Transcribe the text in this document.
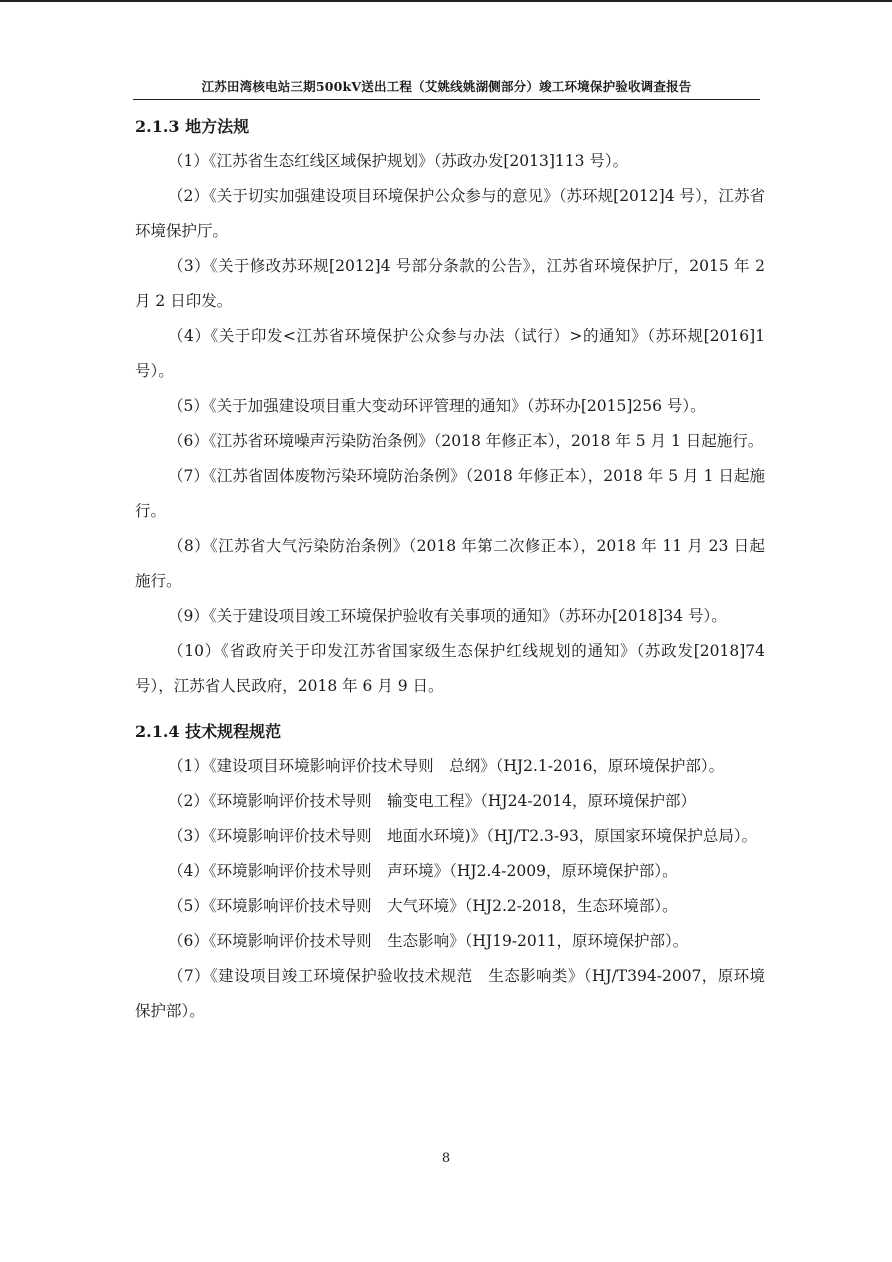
江苏田湾核电站三期500kV送出工程（艾姚线姚湖侧部分）竣工环境保护验收调查报告
2.1.3 地方法规

（1）《江苏省生态红线区域保护规划》（苏政办发[2013]113 号）。

（2）《关于切实加强建设项目环境保护公众参与的意见》（苏环规[2012]4 号），江苏省环境保护厅。

（3）《关于修改苏环规[2012]4 号部分条款的公告》，江苏省环境保护厅，2015 年 2 月 2 日印发。

（4）《关于印发<江苏省环境保护公众参与办法（试行）>的通知》（苏环规[2016]1 号）。

（5）《关于加强建设项目重大变动环评管理的通知》（苏环办[2015]256 号）。

（6）《江苏省环境噪声污染防治条例》（2018 年修正本），2018 年 5 月 1 日起施行。

（7）《江苏省固体废物污染环境防治条例》（2018 年修正本），2018 年 5 月 1 日起施行。

（8）《江苏省大气污染防治条例》（2018 年第二次修正本），2018 年 11 月 23 日起施行。

（9）《关于建设项目竣工环境保护验收有关事项的通知》（苏环办[2018]34 号）。

（10）《省政府关于印发江苏省国家级生态保护红线规划的通知》（苏政发[2018]74 号），江苏省人民政府，2018 年 6 月 9 日。

2.1.4 技术规程规范

（1）《建设项目环境影响评价技术导则　总纲》（HJ2.1-2016，原环境保护部）。

（2）《环境影响评价技术导则　输变电工程》（HJ24-2014，原环境保护部）

（3）《环境影响评价技术导则　地面水环境)》（HJ/T2.3-93，原国家环境保护总局）。

（4）《环境影响评价技术导则　声环境》（HJ2.4-2009，原环境保护部）。

（5）《环境影响评价技术导则　大气环境》（HJ2.2-2018，生态环境部）。

（6）《环境影响评价技术导则　生态影响》（HJ19-2011，原环境保护部）。

（7）《建设项目竣工环境保护验收技术规范　生态影响类》（HJ/T394-2007，原环境保护部）。

8
